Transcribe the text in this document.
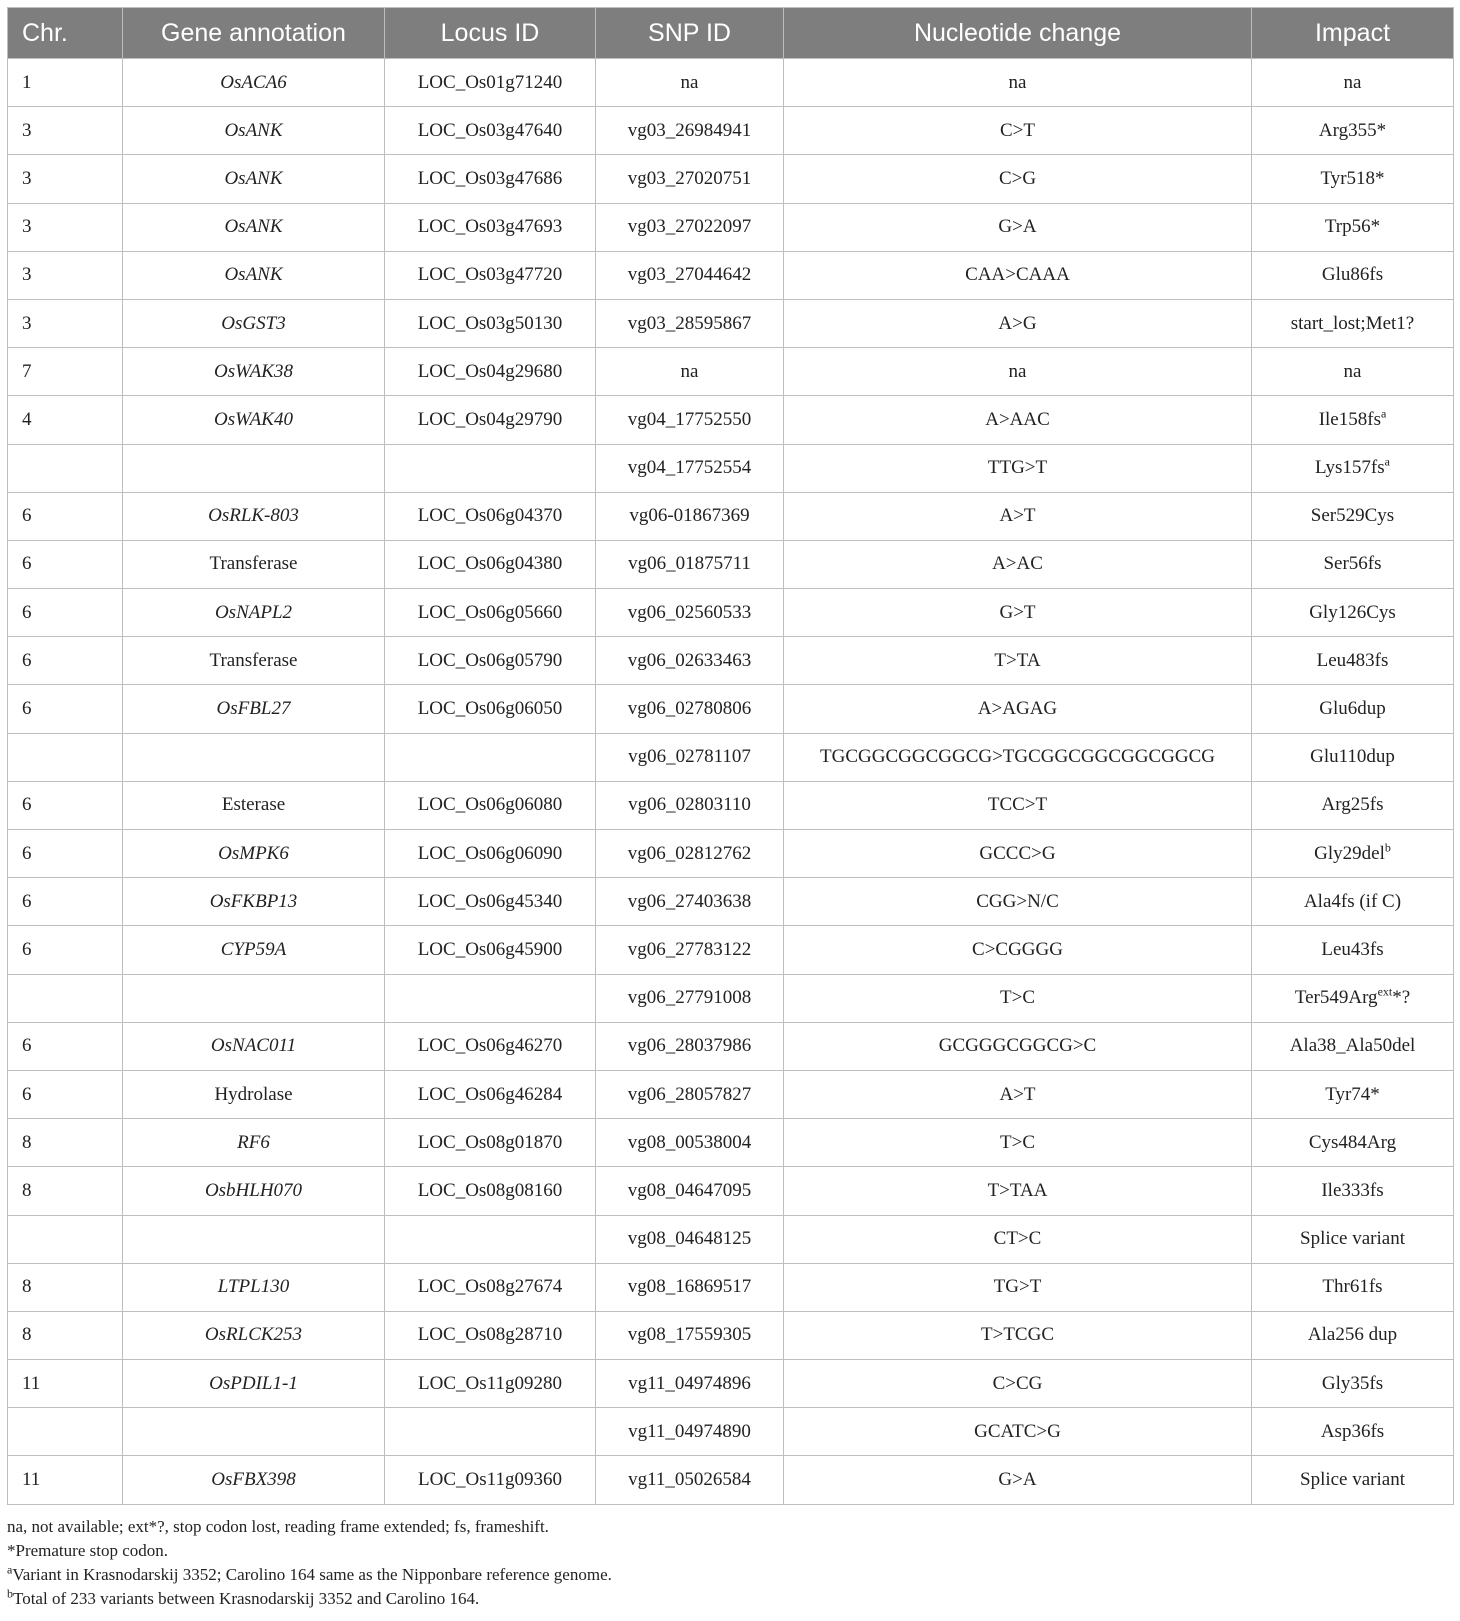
Chr.	Gene annotation	Locus ID	SNP ID	Nucleotide change	Impact
1	OsACA6	LOC_Os01g71240	na	na	na
3	OsANK	LOC_Os03g47640	vg03_26984941	C>T	Arg355*
3	OsANK	LOC_Os03g47686	vg03_27020751	C>G	Tyr518*
3	OsANK	LOC_Os03g47693	vg03_27022097	G>A	Trp56*
3	OsANK	LOC_Os03g47720	vg03_27044642	CAA>CAAA	Glu86fs
3	OsGST3	LOC_Os03g50130	vg03_28595867	A>G	start_lost;Met1?
7	OsWAK38	LOC_Os04g29680	na	na	na
4	OsWAK40	LOC_Os04g29790	vg04_17752550	A>AAC	$Ile158fs^a$
			vg04_17752554	TTG>T	$Lys157fs^a$
6	OsRLK-803	LOC_Os06g04370	vg06-01867369	A>T	Ser529Cys
6	Transferase	LOC_Os06g04380	vg06_01875711	A>AC	Ser56fs
6	OsNAPL2	LOC_Os06g05660	vg06_02560533	G>T	Gly126Cys
6	Transferase	LOC_Os06g05790	vg06_02633463	T>TA	Leu483fs
6	OsFBL27	LOC_Os06g06050	vg06_02780806	A>AGAG	Glu6dup
			vg06_02781107	TGCGGCGGCGGCG>TGCGGCGGCGGCGGCG	Glu110dup
6	Esterase	LOC_Os06g06080	vg06_02803110	TCC>T	Arg25fs
6	OsMPK6	LOC_Os06g06090	vg06_02812762	GCCC>G	Gly29del$^b$
6	OsFKBP13	LOC_Os06g45340	vg06_27403638	CGG>N/C	Ala4fs (if C)
6	CYP59A	LOC_Os06g45900	vg06_27783122	C>CGGGG	Leu43fs
			vg06_27791008	T>C	Ter549Arg$^{ext}$*?
6	OsNAC011	LOC_Os06g46270	vg06_28037986	GCGGGCGGCG>C	Ala38_Ala50del
6	Hydrolase	LOC_Os06g46284	vg06_28057827	A>T	Tyr74*
8	RF6	LOC_Os08g01870	vg08_00538004	T>C	Cys484Arg
8	OsbHLH070	LOC_Os08g08160	vg08_04647095	T>TAA	Ile333fs
			vg08_04648125	CT>C	Splice variant
8	LTPL130	LOC_Os08g27674	vg08_16869517	TG>T	Thr61fs
8	OsRLCK253	LOC_Os08g28710	vg08_17559305	T>TCGC	Ala256 dup
11	OsPDIL1-1	LOC_Os11g09280	vg11_04974896	C>CG	Gly35fs
			vg11_04974890	GCATC>G	Asp36fs
11	OsFBX398	LOC_Os11g09360	vg11_05026584	G>A	Splice variant
na, not available; ext*?, stop codon lost, reading frame extended; fs, frameshift.
*Premature stop codon.
$^a$Variant in Krasnodarskij 3352; Carolino 164 same as the Nipponbare reference genome.
$^b$Total of 233 variants between Krasnodarskij 3352 and Carolino 164.
